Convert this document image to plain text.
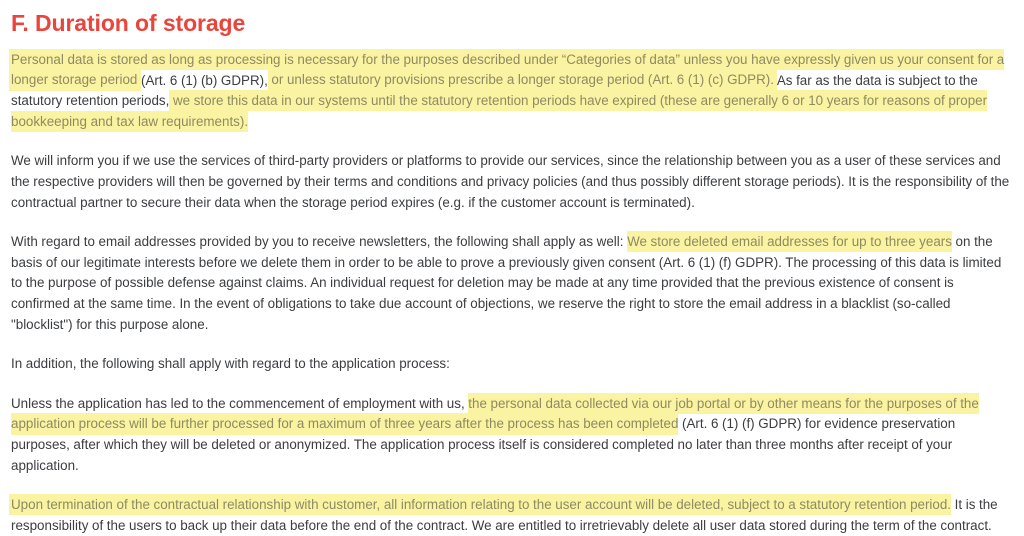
F. Duration of storage

Personal data is stored as long as processing is necessary for the purposes described under “Categories of data” unless you have expressly given us your consent for a longer storage period (Art. 6 (1) (b) GDPR), or unless statutory provisions prescribe a longer storage period (Art. 6 (1) (c) GDPR). As far as the data is subject to the statutory retention periods, we store this data in our systems until the statutory retention periods have expired (these are generally 6 or 10 years for reasons of proper bookkeeping and tax law requirements).

We will inform you if we use the services of third-party providers or platforms to provide our services, since the relationship between you as a user of these services and the respective providers will then be governed by their terms and conditions and privacy policies (and thus possibly different storage periods). It is the responsibility of the contractual partner to secure their data when the storage period expires (e.g. if the customer account is terminated).

With regard to email addresses provided by you to receive newsletters, the following shall apply as well: We store deleted email addresses for up to three years on the basis of our legitimate interests before we delete them in order to be able to prove a previously given consent (Art. 6 (1) (f) GDPR). The processing of this data is limited to the purpose of possible defense against claims. An individual request for deletion may be made at any time provided that the previous existence of consent is confirmed at the same time. In the event of obligations to take due account of objections, we reserve the right to store the email address in a blacklist (so-called "blocklist") for this purpose alone.

In addition, the following shall apply with regard to the application process:

Unless the application has led to the commencement of employment with us, the personal data collected via our job portal or by other means for the purposes of the application process will be further processed for a maximum of three years after the process has been completed (Art. 6 (1) (f) GDPR) for evidence preservation purposes, after which they will be deleted or anonymized. The application process itself is considered completed no later than three months after receipt of your application.

Upon termination of the contractual relationship with customer, all information relating to the user account will be deleted, subject to a statutory retention period. It is the responsibility of the users to back up their data before the end of the contract. We are entitled to irretrievably delete all user data stored during the term of the contract.
